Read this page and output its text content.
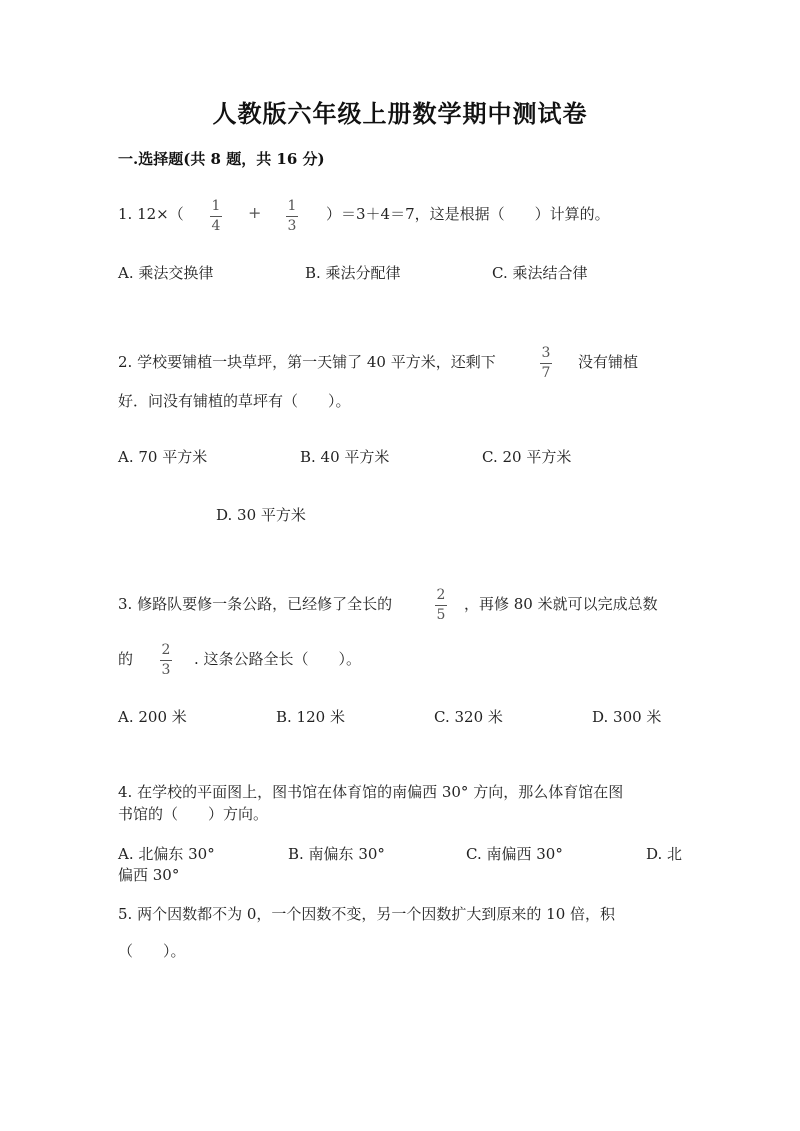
人教版六年级上册数学期中测试卷
一.选择题(共 8 题，共 16 分)
1. 12×（ 1
4
+ 1
3
）＝3＋4＝7，这是根据（　　）计算的。
A. 乘法交换律	B. 乘法分配律	C. 乘法结合律
2. 学校要铺植一块草坪，第一天铺了 40 平方米，还剩下	3
7
没有铺植
好．问没有铺植的草坪有（　　）。
A. 70 平方米	B. 40 平方米	C. 20 平方米
D. 30 平方米
3. 修路队要修一条公路，已经修了全长的	2
5
，再修 80 米就可以完成总数
的 2
3
. 这条公路全长（　　）。
A. 200 米	B. 120 米	C. 320 米	D. 300 米
4. 在学校的平面图上，图书馆在体育馆的南偏西 30° 方向，那么体育馆在图
书馆的（　　）方向。
A. 北偏东 30°	B. 南偏东 30°	C. 南偏西 30°	D. 北
偏西 30°
5. 两个因数都不为 0，一个因数不变，另一个因数扩大到原来的 10 倍，积
（　　）。
